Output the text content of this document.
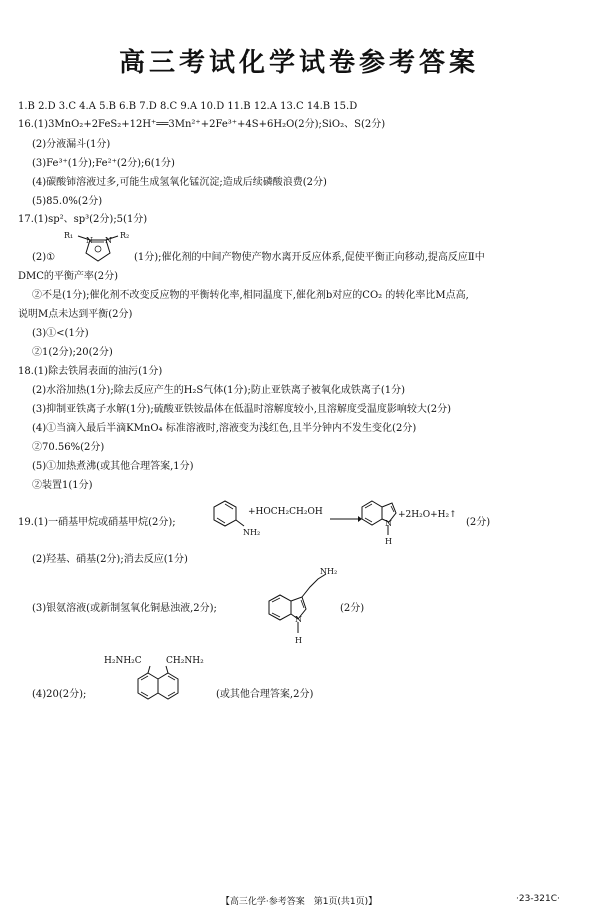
高三考试化学试卷参考答案
1.B 2.D 3.C 4.A 5.B 6.B 7.D 8.C 9.A 10.D 11.B 12.A 13.C 14.B 15.D
16.(1)3MnO₂+2FeS₂+12H⁺══3Mn²⁺+2Fe³⁺+4S+6H₂O(2分);SiO₂、S(2分)
(2)分液漏斗(1分)
(3)Fe³⁺(1分);Fe²⁺(2分);6(1分)
(4)碳酸铈溶液过多,可能生成氢氧化锰沉淀;造成后续磷酸浪费(2分)
(5)85.0%(2分)
17.(1)sp²、sp³(2分);5(1分)
R₁	R₂
N N
(2)①	(1分);催化剂的中间产物使产物水离开反应体系,促使平衡正向移动,提高反应Ⅱ中
DMC的平衡产率(2分)
②不是(1分);催化剂不改变反应物的平衡转化率,相同温度下,催化剂b对应的CO₂ 的转化率比M点高,
说明M点未达到平衡(2分)
(3)①<(1分)
②1(2分);20(2分)
18.(1)除去铁屑表面的油污(1分)
(2)水浴加热(1分);除去反应产生的H₂S气体(1分);防止亚铁离子被氧化成铁离子(1分)
(3)抑制亚铁离子水解(1分);硫酸亚铁铵晶体在低温时溶解度较小,且溶解度受温度影响较大(2分)
(4)①当滴入最后半滴KMnO₄ 标准溶液时,溶液变为浅红色,且半分钟内不发生变化(2分)
②70.56%(2分)
(5)①加热煮沸(或其他合理答案,1分)
②装置1(1分)
19.(1)一硝基甲烷或硝基甲烷(2分);
NH₂
+HOCH₂CH₂OH →	N
H
+2H₂O+H₂↑
(2分)
(2)羟基、硝基(2分);消去反应(1分)
(3)银氨溶液(或新制氢氧化铜悬浊液,2分);
NH₂
N
H
(2分)
H₂NH₂C	CH₂NH₂
(4)20(2分);	(或其他合理答案,2分)
【高三化学·参考答案　第1页(共1页)】	·23-321C·
